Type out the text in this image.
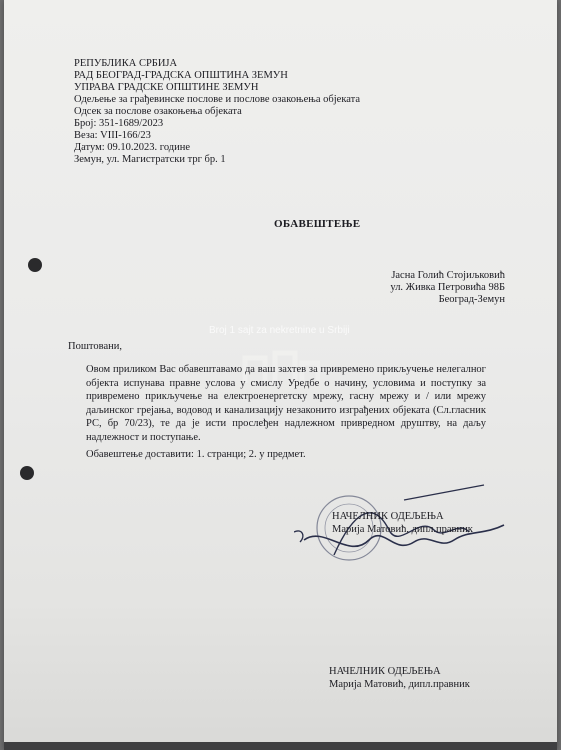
РЕПУБЛИКА СРБИЈА
РАД БЕОГРАД-ГРАДСКА ОПШТИНА ЗЕМУН
УПРАВА ГРАДСКЕ ОПШТИНЕ ЗЕМУН
Одељење за грађевинске послове и послове озакоњења објеката
Одсек за послове озакоњења објеката
Број: 351-1689/2023
Веза: VIII-166/23
Датум: 09.10.2023. године
Земун, ул. Магистратски трг бр. 1
ОБАВЕШТЕЊЕ
Јасна Голић Стојиљковић
ул. Живка Петровића 98Б
Београд-Земун
Поштовани,
Broj 1 sajt za nekretnine u Srbiji
Овом приликом Вас обавештавамо да ваш захтев за привремено прикључење нелегалног објекта испунава правне услова у смислу Уредбе о начину, условима и поступку за привремено прикључење на електроенергетску мрежу, гасну мрежу и / или мрежу даљинског грејања, водовод и канализацију незаконито изграђених објеката (Сл.гласник РС, бр 70/23), те да је исти прослеђен надлежном привредном друштву, на даљу надлежност и поступање.
Обавештење доставити: 1. странци; 2. у предмет.
НАЧЕЛНИК ОДЕЉЕЊА
Марија Матовић, дипл.правник
НАЧЕЛНИК ОДЕЉЕЊА
Марија Матовић, дипл.правник
